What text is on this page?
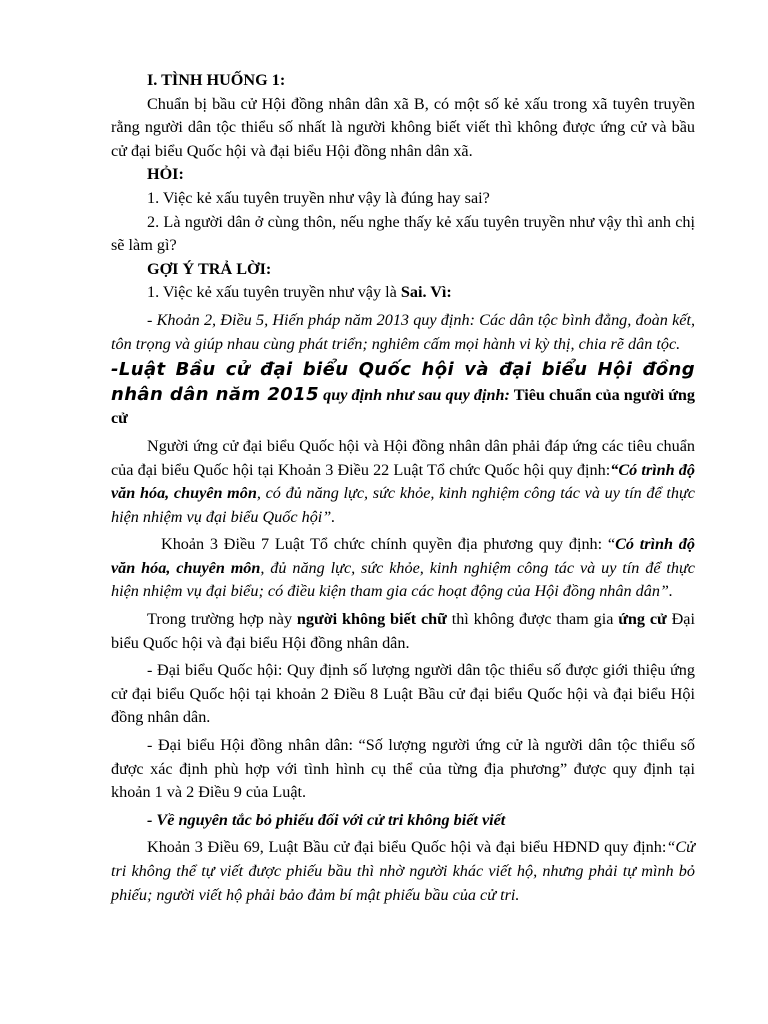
I. TÌNH HUỐNG 1:

Chuẩn bị bầu cử Hội đồng nhân dân xã B, có một số kẻ xấu trong xã tuyên truyền rằng người dân tộc thiểu số nhất là người không biết viết thì không được ứng cử và bầu cử đại biểu Quốc hội và đại biểu Hội đồng nhân dân xã.

HỎI:

1. Việc kẻ xấu tuyên truyền như vậy là đúng hay sai?

2. Là người dân ở cùng thôn, nếu nghe thấy kẻ xấu tuyên truyền như vậy thì anh chị sẽ làm gì?

GỢI Ý TRẢ LỜI:

1. Việc kẻ xấu tuyên truyền như vậy là Sai. Vì:

- Khoản 2, Điều 5, Hiến pháp năm 2013 quy định: Các dân tộc bình đẳng, đoàn kết, tôn trọng và giúp nhau cùng phát triển; nghiêm cấm mọi hành vi kỳ thị, chia rẽ dân tộc.

-Luật Bầu cử đại biểu Quốc hội và đại biểu Hội đồng nhân dân năm 2015 quy định như sau quy định: Tiêu chuẩn của người ứng cử

Người ứng cử đại biểu Quốc hội và Hội đồng nhân dân phải đáp ứng các tiêu chuẩn của đại biểu Quốc hội tại Khoản 3 Điều 22 Luật Tổ chức Quốc hội quy định:“Có trình độ văn hóa, chuyên môn, có đủ năng lực, sức khỏe, kinh nghiệm công tác và uy tín để thực hiện nhiệm vụ đại biểu Quốc hội”.

Khoản 3 Điều 7 Luật Tổ chức chính quyền địa phương quy định: “Có trình độ văn hóa, chuyên môn, đủ năng lực, sức khỏe, kinh nghiệm công tác và uy tín để thực hiện nhiệm vụ đại biểu; có điều kiện tham gia các hoạt động của Hội đồng nhân dân”.

Trong trường hợp này người không biết chữ thì không được tham gia ứng cử Đại biểu Quốc hội và đại biểu Hội đồng nhân dân.

- Đại biểu Quốc hội: Quy định số lượng người dân tộc thiểu số được giới thiệu ứng cử đại biểu Quốc hội tại khoản 2 Điều 8 Luật Bầu cử đại biểu Quốc hội và đại biểu Hội đồng nhân dân.

- Đại biểu Hội đồng nhân dân: “Số lượng người ứng cử là người dân tộc thiểu số được xác định phù hợp với tình hình cụ thể của từng địa phương” được quy định tại khoản 1 và 2 Điều 9 của Luật.

- Về nguyên tắc bỏ phiếu đối với cử tri không biết viết

Khoản 3 Điều 69, Luật Bầu cử đại biểu Quốc hội và đại biểu HĐND quy định:“Cử tri không thể tự viết được phiếu bầu thì nhờ người khác viết hộ, nhưng phải tự mình bỏ phiếu; người viết hộ phải bảo đảm bí mật phiếu bầu của cử tri.
